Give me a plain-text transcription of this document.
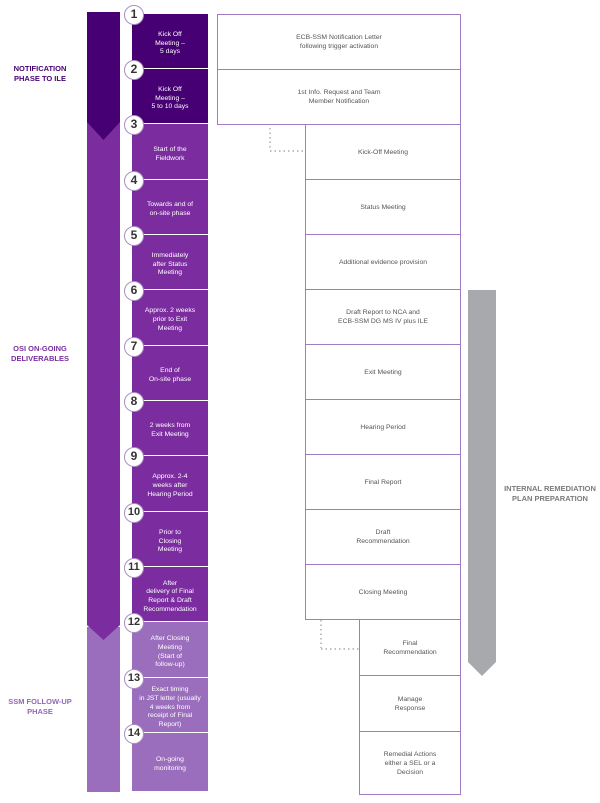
NOTIFICATION
PHASE TO ILE
OSI ON-GOING
DELIVERABLES
SSM FOLLOW-UP
PHASE
Kick Off
Meeting –
5 days
Kick Off
Meeting –
5 to 10 days
Start of the
Fieldwork
Towards and of
on-site phase
Immediately
after Status
Meeting
Approx. 2 weeks
prior to Exit
Meeting
End of
On-site phase
2 weeks from
Exit Meeting
Approx. 2-4
weeks after
Hearing Period
Prior to
Closing
Meeting
After
delivery of Final
Report & Draft
Recommendation
After Closing
Meeting
(Start of
follow-up)
Exact timing
in JST letter (usually
4 weeks from
receipt of Final
Report)
On-going
monitoring
1
2
3
4
5
6
7
8
9
10
11
12
13
14
ECB-SSM Notification Letter
following trigger activation
1st Info. Request and Team
Member Notification
Kick-Off Meeting
Status Meeting
Additional evidence provision
Draft Report to NCA and
ECB-SSM DG MS IV plus ILE
Exit Meeting
Hearing Period
Final Report
Draft
Recommendation
Closing Meeting
Final
Recommendation
Manage
Response
Remedial Actions
either a SEL or a
Decision
INTERNAL REMEDIATION
PLAN PREPARATION
